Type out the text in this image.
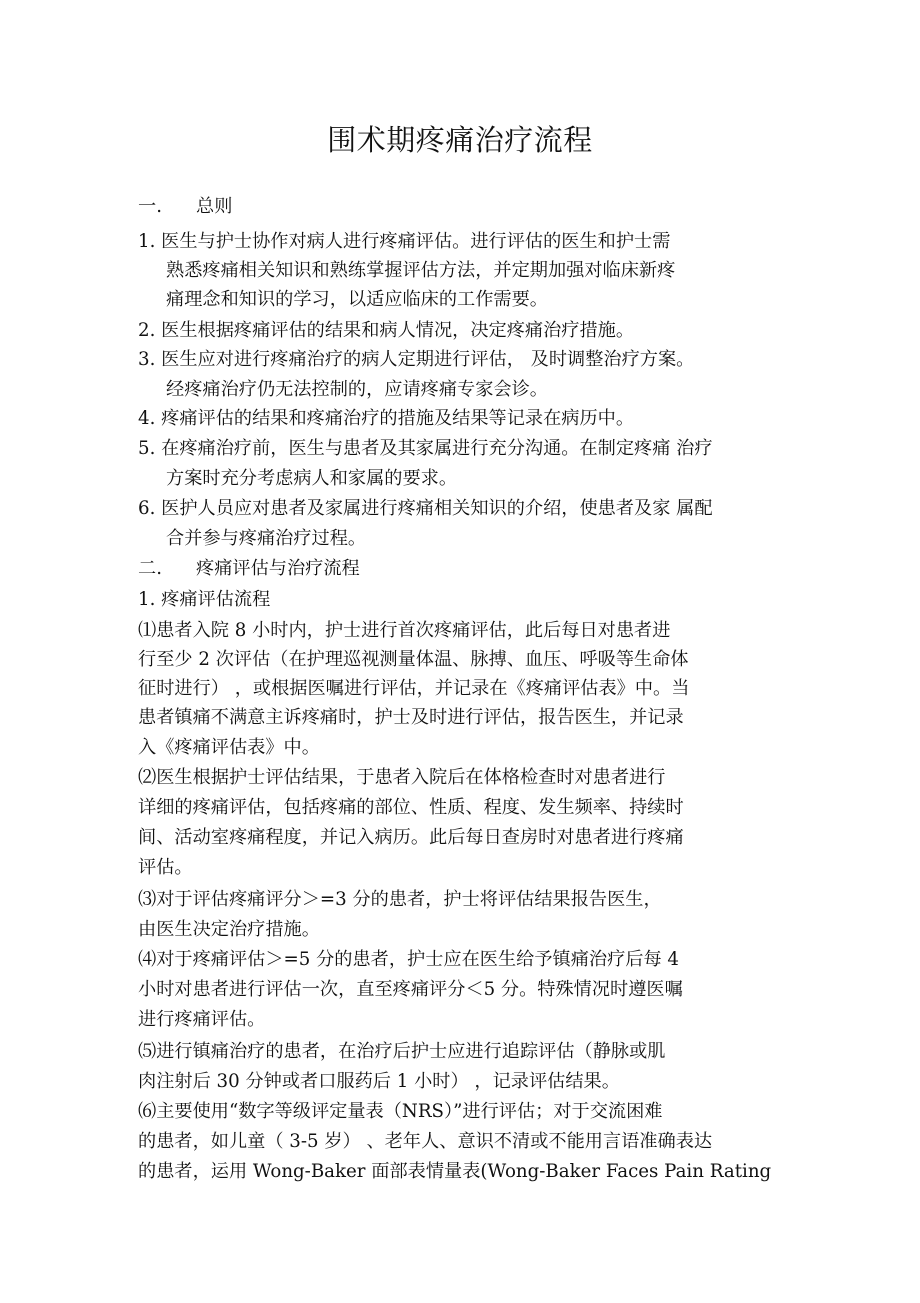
围术期疼痛治疗流程
一. 总则
1. 医生与护士协作对病人进行疼痛评估。进行评估的医生和护士需
熟悉疼痛相关知识和熟练掌握评估方法，并定期加强对临床新疼
痛理念和知识的学习，以适应临床的工作需要。
2. 医生根据疼痛评估的结果和病人情况，决定疼痛治疗措施。
3. 医生应对进行疼痛治疗的病人定期进行评估， 及时调整治疗方案。
经疼痛治疗仍无法控制的，应请疼痛专家会诊。
4. 疼痛评估的结果和疼痛治疗的措施及结果等记录在病历中。
5. 在疼痛治疗前，医生与患者及其家属进行充分沟通。在制定疼痛 治疗
方案时充分考虑病人和家属的要求。
6. 医护人员应对患者及家属进行疼痛相关知识的介绍，使患者及家 属配
合并参与疼痛治疗过程。
二. 疼痛评估与治疗流程
1. 疼痛评估流程
⑴患者入院 8 小时内，护士进行首次疼痛评估，此后每日对患者进
行至少 2 次评估（在护理巡视测量体温、脉搏、血压、呼吸等生命体
征时进行） ，或根据医嘱进行评估，并记录在《疼痛评估表》中。当
患者镇痛不满意主诉疼痛时，护士及时进行评估，报告医生，并记录
入《疼痛评估表》中。
⑵医生根据护士评估结果，于患者入院后在体格检查时对患者进行
详细的疼痛评估，包括疼痛的部位、性质、程度、发生频率、持续时
间、活动室疼痛程度，并记入病历。此后每日查房时对患者进行疼痛
评估。
⑶对于评估疼痛评分＞=3 分的患者，护士将评估结果报告医生，
由医生决定治疗措施。
⑷对于疼痛评估＞=5 分的患者，护士应在医生给予镇痛治疗后每 4
小时对患者进行评估一次，直至疼痛评分＜5 分。特殊情况时遵医嘱
进行疼痛评估。
⑸进行镇痛治疗的患者，在治疗后护士应进行追踪评估（静脉或肌
肉注射后 30 分钟或者口服药后 1 小时） ，记录评估结果。
⑹主要使用“数字等级评定量表（NRS）”进行评估；对于交流困难
的患者，如儿童（ 3-5 岁） 、老年人、意识不清或不能用言语准确表达
的患者，运用 Wong-Baker 面部表情量表(Wong-Baker Faces Pain Rating
